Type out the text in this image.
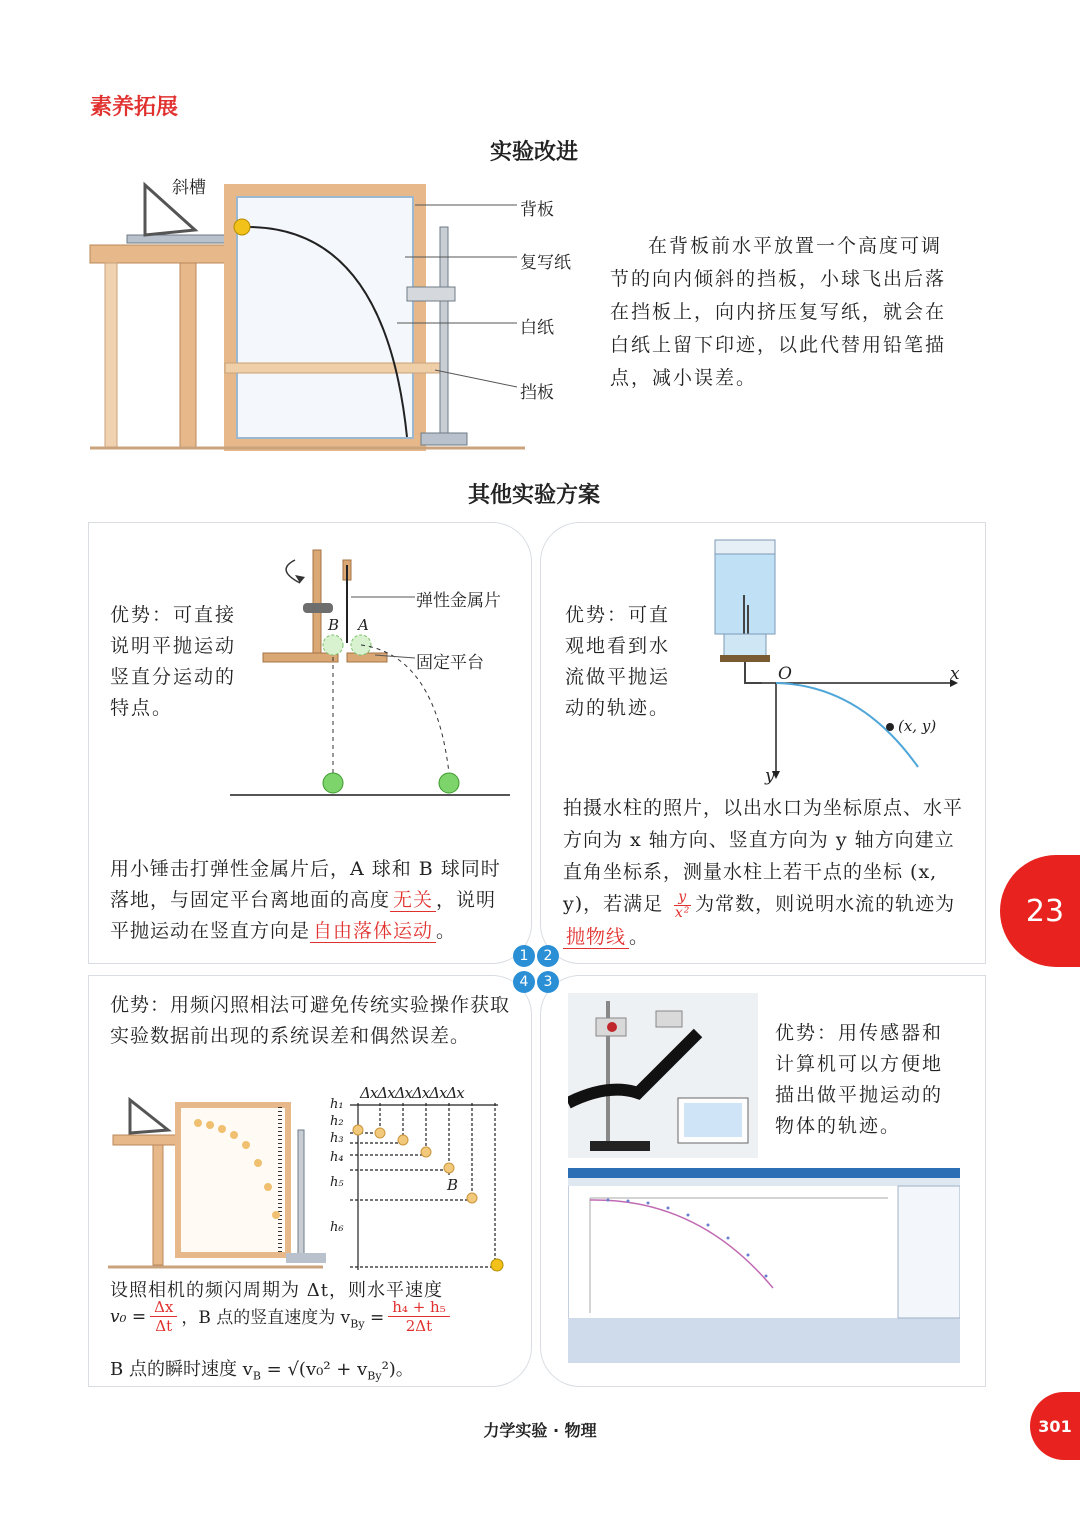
素养拓展
实验改进
斜槽
背板
复写纸
白纸
挡板
在背板前水平放置一个高度可调节的向内倾斜的挡板，小球飞出后落在挡板上，向内挤压复写纸，就会在白纸上留下印迹，以此代替用铅笔描点，减小误差。
其他实验方案
优势：可直接说明平抛运动竖直分运动的特点。
弹性金属片
固定平台
B A
用小锤击打弹性金属片后，A 球和 B 球同时落地，与固定平台离地面的高度 无关 ，说明平抛运动在竖直方向是 自由落体运动 。
优势：可直观地看到水流做平抛运动的轨迹。
O	x
y
(x, y)
拍摄水柱的照片，以出水口为坐标原点、水平方向为 x 轴方向、竖直方向为 y 轴方向建立直角坐标系，测量水柱上若干点的坐标 (x, y)，若满足 $\frac{y}{\text{x²}}$ 为常数，则说明水流的轨迹为抛物线 。
1	2
4	3
优势：用频闪照相法可避免传统实验操作获取实验数据前出现的系统误差和偶然误差。
ΔxΔxΔxΔxΔxΔx
h₁
h₂
h₃
h₄
h₅
h₆
B
设照相机的频闪周期为 Δt，则水平速度
$v_0 = \frac{\Delta x}{\Delta t}$ ，B 点的竖直速度为 $v_{By} = \frac{\text{h₄ + h₅}}{2\Delta t}$
B 点的瞬时速度 $v_B = √(v_0^2 + v_{By}^2)$。
优势：用传感器和计算机可以方便地描出做平抛运动的物体的轨迹。
23
力学实验 · 物理	301
